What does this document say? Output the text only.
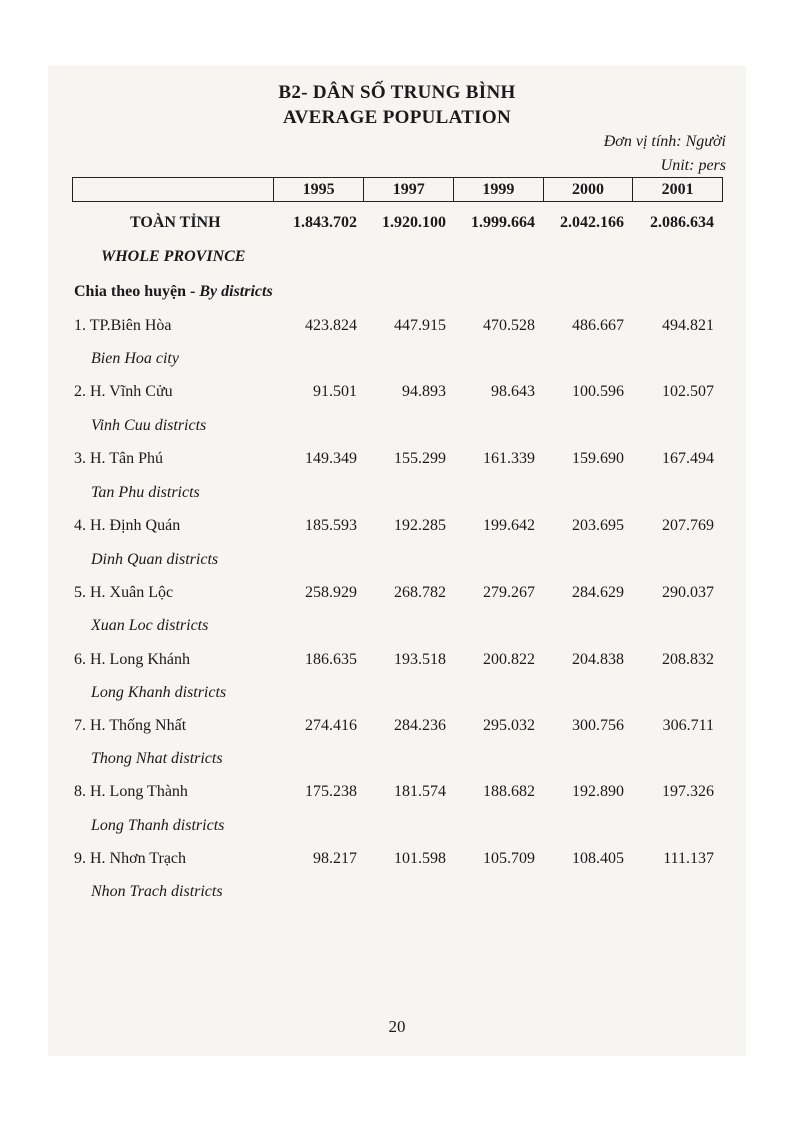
B2- DÂN SỐ TRUNG BÌNH
AVERAGE POPULATION
Đơn vị tính: Người
Unit: pers
	1995	1997	1999	2000	2001
TOÀN TỈNH	1.843.702	1.920.100	1.999.664	2.042.166	2.086.634
WHOLE PROVINCE
Chia theo huyện - By districts
1. TP.Biên Hòa	423.824	447.915	470.528	486.667	494.821
Bien Hoa city
2. H. Vĩnh Cửu	91.501	94.893	98.643	100.596	102.507
Vinh Cuu districts
3. H. Tân Phú	149.349	155.299	161.339	159.690	167.494
Tan Phu districts
4. H. Định Quán	185.593	192.285	199.642	203.695	207.769
Dinh Quan districts
5. H. Xuân Lộc	258.929	268.782	279.267	284.629	290.037
Xuan Loc districts
6. H. Long Khánh	186.635	193.518	200.822	204.838	208.832
Long Khanh districts
7. H. Thống Nhất	274.416	284.236	295.032	300.756	306.711
Thong Nhat districts
8. H. Long Thành	175.238	181.574	188.682	192.890	197.326
Long Thanh districts
9. H. Nhơn Trạch	98.217	101.598	105.709	108.405	111.137
Nhon Trach districts
20
